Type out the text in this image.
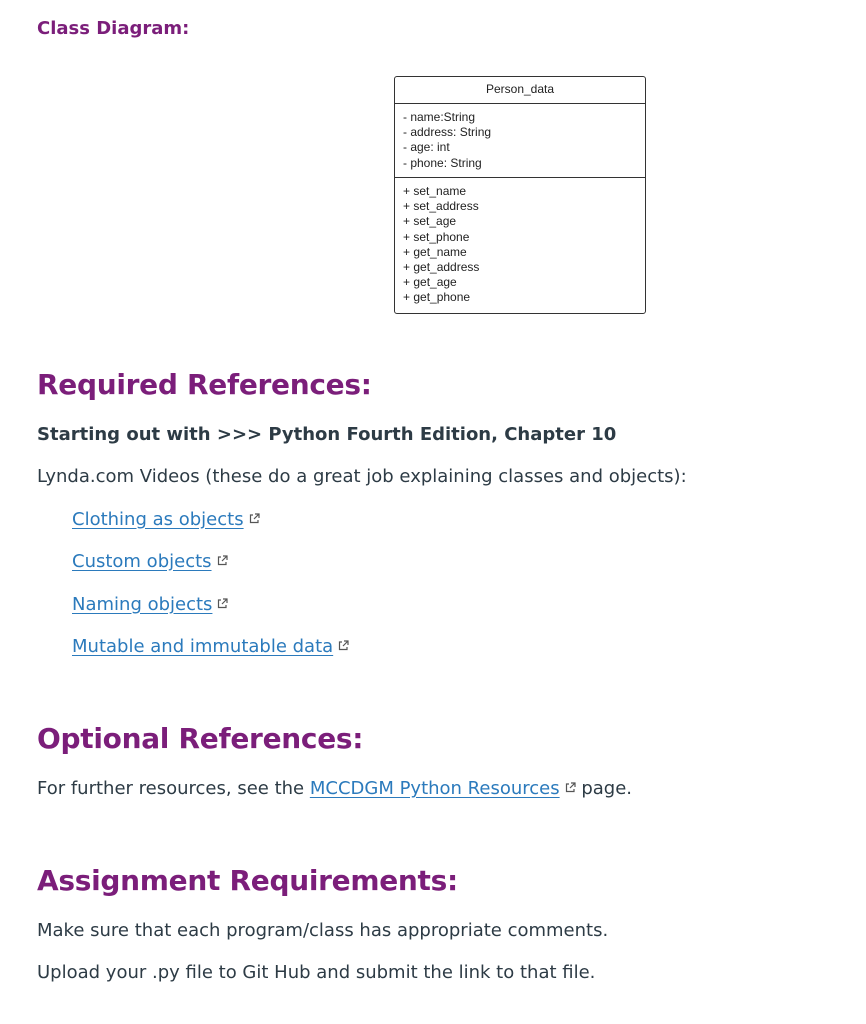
Class Diagram:
Person_data
- name:String
- address: String
- age: int
- phone: String
+ set_name
+ set_address
+ set_age
+ set_phone
+ get_name
+ get_address
+ get_age
+ get_phone
Required References:
Starting out with >>> Python Fourth Edition, Chapter 10
Lynda.com Videos (these do a great job explaining classes and objects):
Clothing as objects
Custom objects
Naming objects
Mutable and immutable data
Optional References:
For further resources, see the MCCDGM Python Resources page.
Assignment Requirements:
Make sure that each program/class has appropriate comments.
Upload your .py file to Git Hub and submit the link to that file.
